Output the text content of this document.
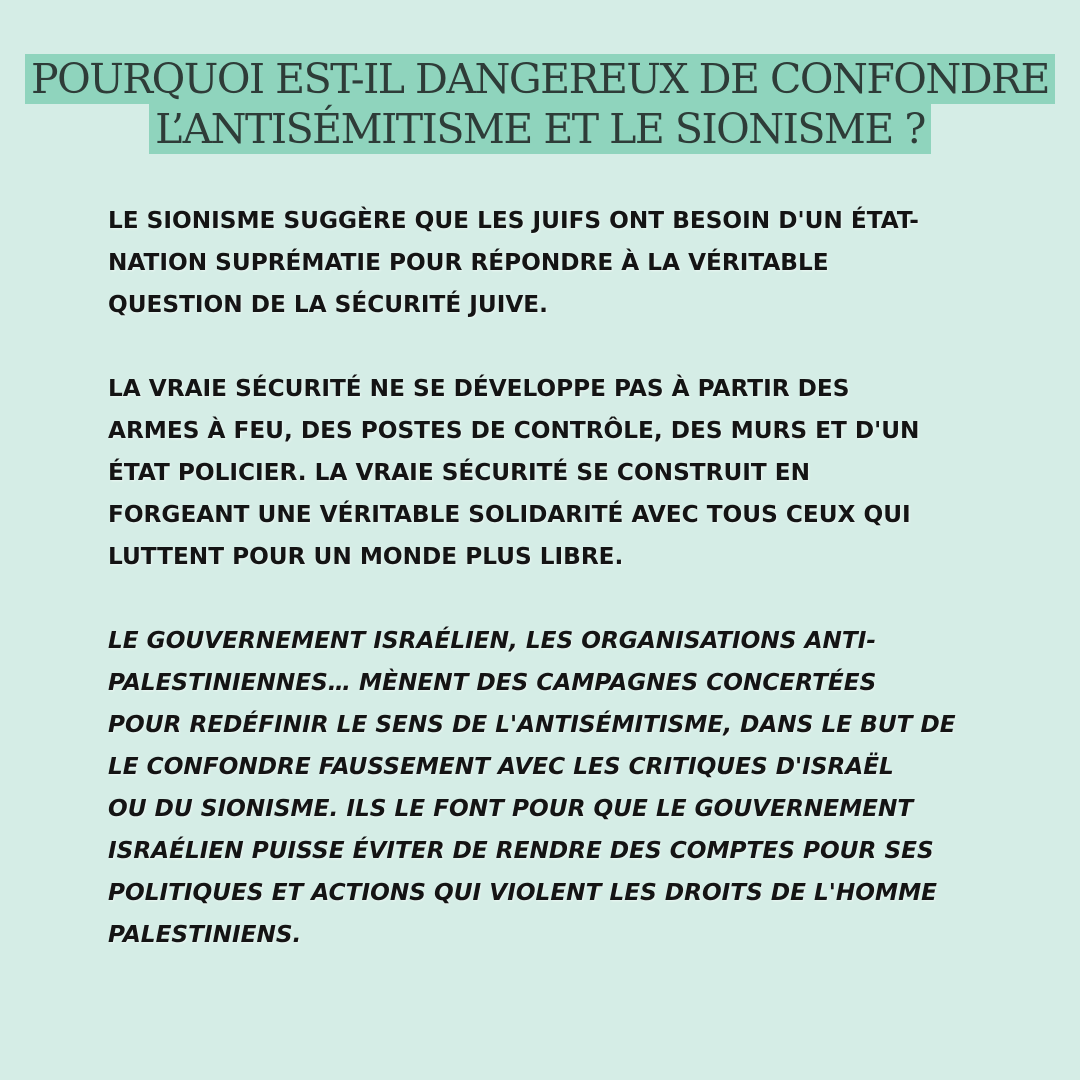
POURQUOI EST-IL DANGEREUX DE CONFONDRE
L’ANTISÉMITISME ET LE SIONISME ?
LE SIONISME SUGGÈRE QUE LES JUIFS ONT BESOIN D'UN ÉTAT-
NATION SUPRÉMATIE POUR RÉPONDRE À LA VÉRITABLE
QUESTION DE LA SÉCURITÉ JUIVE.
LA VRAIE SÉCURITÉ NE SE DÉVELOPPE PAS À PARTIR DES
ARMES À FEU, DES POSTES DE CONTRÔLE, DES MURS ET D'UN
ÉTAT POLICIER. LA VRAIE SÉCURITÉ SE CONSTRUIT EN
FORGEANT UNE VÉRITABLE SOLIDARITÉ AVEC TOUS CEUX QUI
LUTTENT POUR UN MONDE PLUS LIBRE.
LE GOUVERNEMENT ISRAÉLIEN, LES ORGANISATIONS ANTI-
PALESTINIENNES… MÈNENT DES CAMPAGNES CONCERTÉES
POUR REDÉFINIR LE SENS DE L'ANTISÉMITISME, DANS LE BUT DE
LE CONFONDRE FAUSSEMENT AVEC LES CRITIQUES D'ISRAËL
OU DU SIONISME. ILS LE FONT POUR QUE LE GOUVERNEMENT
ISRAÉLIEN PUISSE ÉVITER DE RENDRE DES COMPTES POUR SES
POLITIQUES ET ACTIONS QUI VIOLENT LES DROITS DE L'HOMME
PALESTINIENS.
